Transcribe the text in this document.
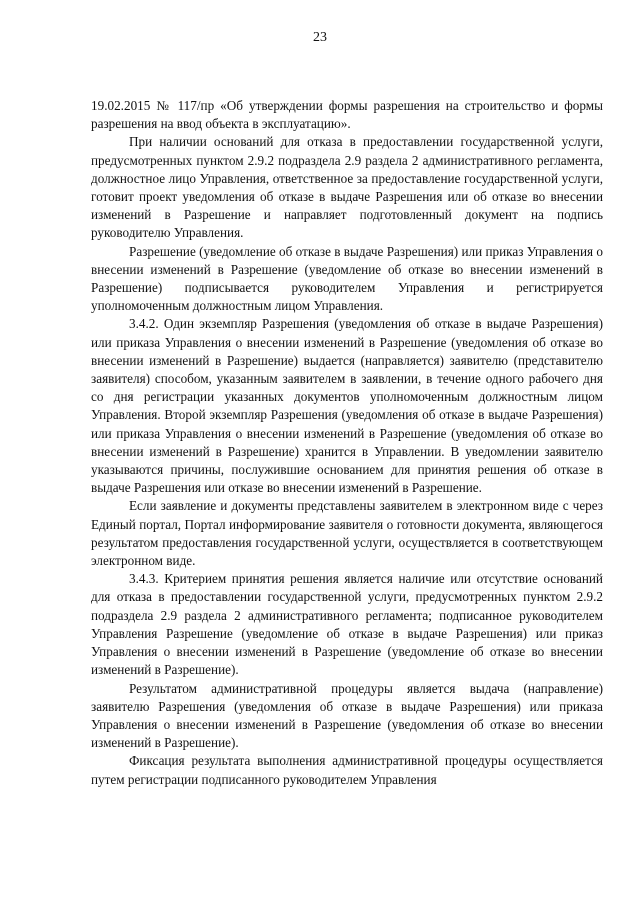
23

19.02.2015 № 117/пр «Об утверждении формы разрешения на строительство и формы разрешения на ввод объекта в эксплуатацию».

При наличии оснований для отказа в предоставлении государственной услуги, предусмотренных пунктом 2.9.2 подраздела 2.9 раздела 2 административного регламента, должностное лицо Управления, ответственное за предоставление государственной услуги, готовит проект уведомления об отказе в выдаче Разрешения или об отказе во внесении изменений в Разрешение и направляет подготовленный документ на подпись руководителю Управления.

Разрешение (уведомление об отказе в выдаче Разрешения) или приказ Управления о внесении изменений в Разрешение (уведомление об отказе во внесении изменений в Разрешение) подписывается руководителем Управления и регистрируется уполномоченным должностным лицом Управления.

3.4.2. Один экземпляр Разрешения (уведомления об отказе в выдаче Разрешения) или приказа Управления о внесении изменений в Разрешение (уведомления об отказе во внесении изменений в Разрешение) выдается (направляется) заявителю (представителю заявителя) способом, указанным заявителем в заявлении, в течение одного рабочего дня со дня регистрации указанных документов уполномоченным должностным лицом Управления. Второй экземпляр Разрешения (уведомления об отказе в выдаче Разрешения) или приказа Управления о внесении изменений в Разрешение (уведомления об отказе во внесении изменений в Разрешение) хранится в Управлении. В уведомлении заявителю указываются причины, послужившие основанием для принятия решения об отказе в выдаче Разрешения или отказе во внесении изменений в Разрешение.

Если заявление и документы представлены заявителем в электронном виде с через Единый портал, Портал информирование заявителя о готовности документа, являющегося результатом предоставления государственной услуги, осуществляется в соответствующем электронном виде.

3.4.3. Критерием принятия решения является наличие или отсутствие оснований для отказа в предоставлении государственной услуги, предусмотренных пунктом 2.9.2 подраздела 2.9 раздела 2 административного регламента; подписанное руководителем Управления Разрешение (уведомление об отказе в выдаче Разрешения) или приказ Управления о внесении изменений в Разрешение (уведомление об отказе во внесении изменений в Разрешение).

Результатом административной процедуры является выдача (направление) заявителю Разрешения (уведомления об отказе в выдаче Разрешения) или приказа Управления о внесении изменений в Разрешение (уведомления об отказе во внесении изменений в Разрешение).

Фиксация результата выполнения административной процедуры осуществляется путем регистрации подписанного руководителем Управления
